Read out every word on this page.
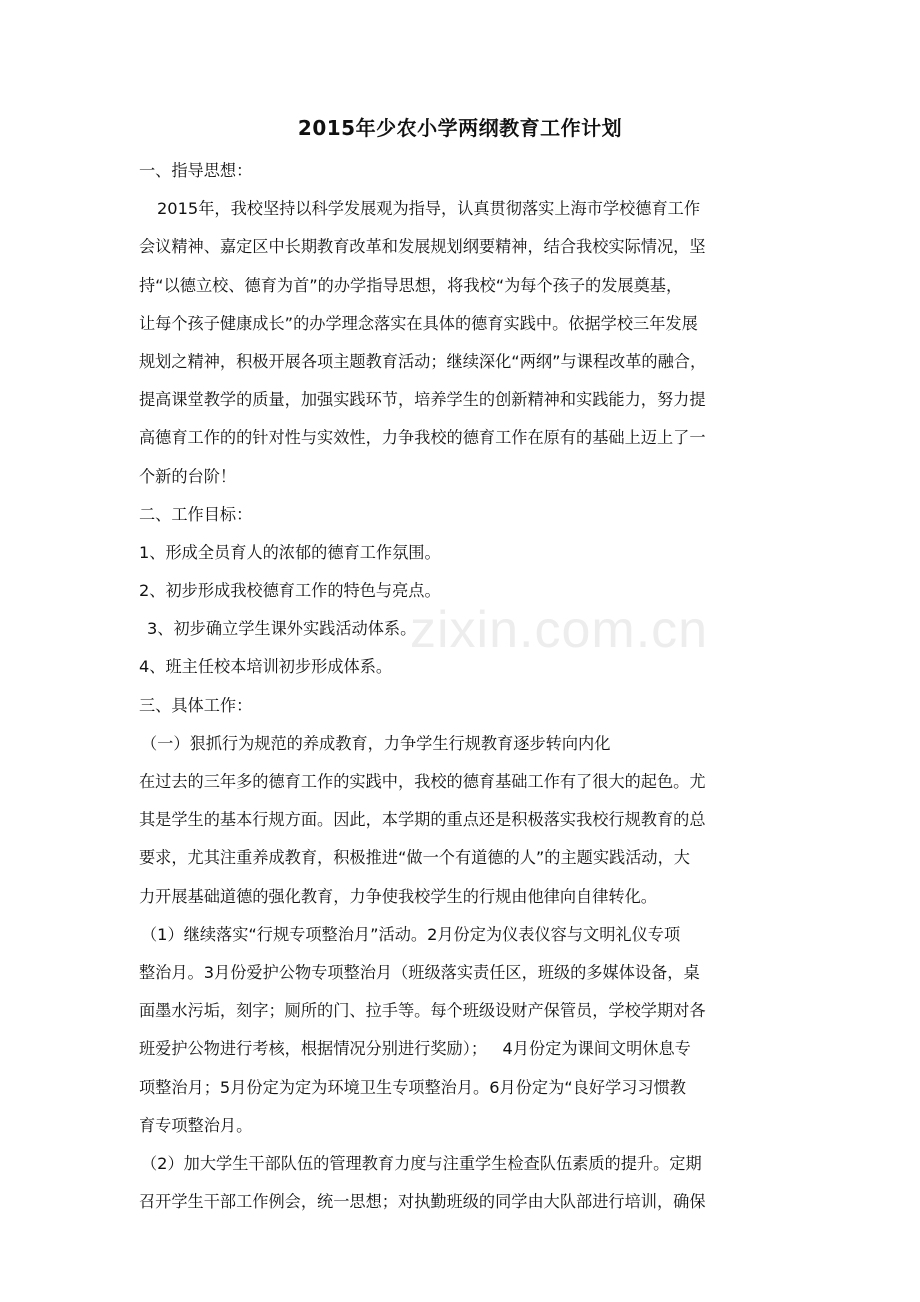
zixin.com.cn
2015年少农小学两纲教育工作计划
一、指导思想：
2015年，我校坚持以科学发展观为指导，认真贯彻落实上海市学校德育工作
会议精神、嘉定区中长期教育改革和发展规划纲要精神，结合我校实际情况，坚
持“以德立校、德育为首”的办学指导思想，将我校“为每个孩子的发展奠基，
让每个孩子健康成长”的办学理念落实在具体的德育实践中。依据学校三年发展
规划之精神，积极开展各项主题教育活动；继续深化“两纲”与课程改革的融合，
提高课堂教学的质量，加强实践环节，培养学生的创新精神和实践能力，努力提
高德育工作的的针对性与实效性，力争我校的德育工作在原有的基础上迈上了一
个新的台阶！
二、工作目标：
1、形成全员育人的浓郁的德育工作氛围。
2、初步形成我校德育工作的特色与亮点。
3、初步确立学生课外实践活动体系。
4、班主任校本培训初步形成体系。
三、具体工作：
（一）狠抓行为规范的养成教育，力争学生行规教育逐步转向内化
在过去的三年多的德育工作的实践中，我校的德育基础工作有了很大的起色。尤
其是学生的基本行规方面。因此，本学期的重点还是积极落实我校行规教育的总
要求，尤其注重养成教育，积极推进“做一个有道德的人”的主题实践活动，大
力开展基础道德的强化教育，力争使我校学生的行规由他律向自律转化。
（1）继续落实“行规专项整治月”活动。2月份定为仪表仪容与文明礼仪专项
整治月。3月份爱护公物专项整治月（班级落实责任区，班级的多媒体设备，桌
面墨水污垢，刻字；厕所的门、拉手等。每个班级设财产保管员，学校学期对各
班爱护公物进行考核，根据情况分别进行奖励）；   4月份定为课间文明休息专
项整治月；5月份定为定为环境卫生专项整治月。6月份定为“良好学习习惯教
育专项整治月。
（2）加大学生干部队伍的管理教育力度与注重学生检查队伍素质的提升。定期
召开学生干部工作例会，统一思想；对执勤班级的同学由大队部进行培训，确保
